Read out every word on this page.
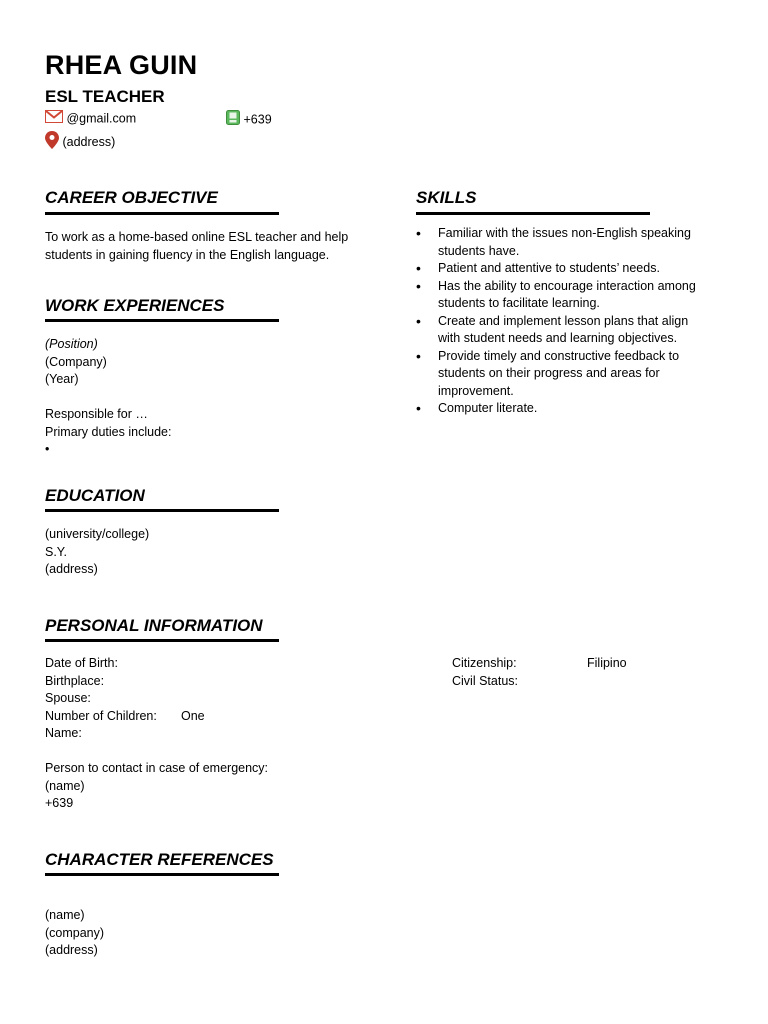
RHEA GUIN
ESL TEACHER
@gmail.com	+639
(address)
CAREER OBJECTIVE
To work as a home-based online ESL teacher and help students in gaining fluency in the English language.
SKILLS
• Familiar with the issues non-English speaking students have.
• Patient and attentive to students’ needs.
• Has the ability to encourage interaction among students to facilitate learning.
• Create and implement lesson plans that align with student needs and learning objectives.
• Provide timely and constructive feedback to students on their progress and areas for improvement.
• Computer literate.
WORK EXPERIENCES
(Position)
(Company)
(Year)
Responsible for …
Primary duties include:
•
EDUCATION
(university/college)
S.Y.
(address)
PERSONAL INFORMATION
Date of Birth:
Birthplace:
Spouse:
Number of Children: One
Name:
Person to contact in case of emergency:
(name)
+639
Citizenship:	Filipino
Civil Status:
CHARACTER REFERENCES
(name)
(company)
(address)
